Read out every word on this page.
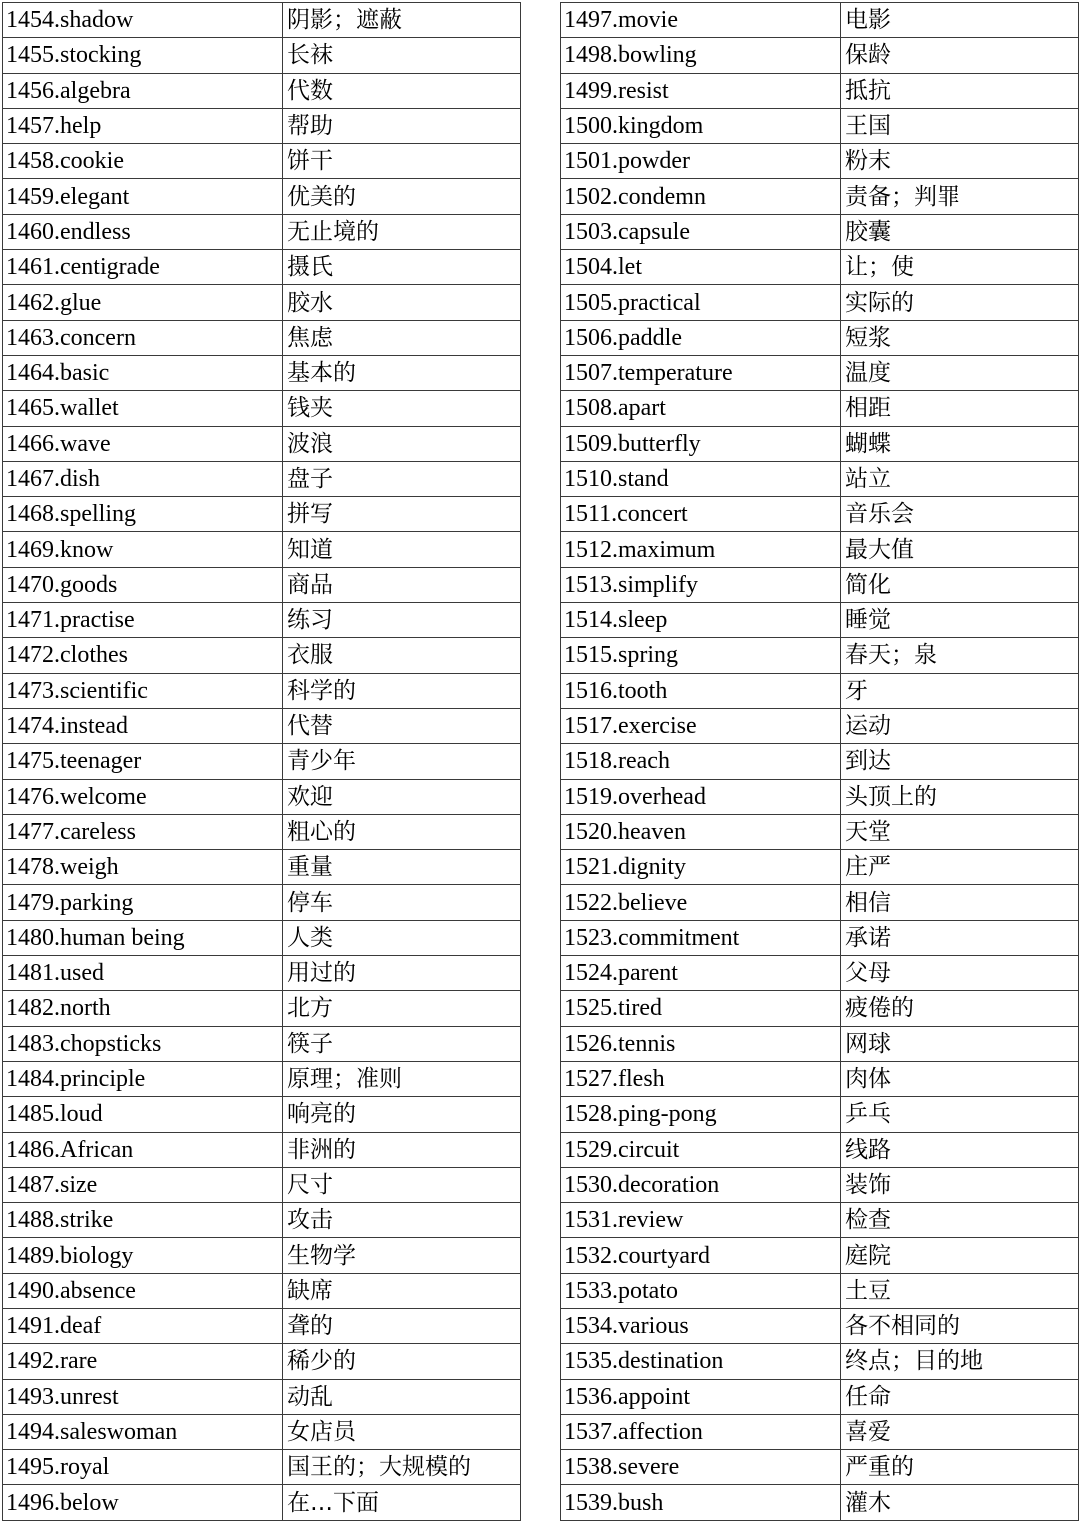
1454.shadow	阴影；遮蔽
1455.stocking	长袜
1456.algebra	代数
1457.help	帮助
1458.cookie	饼干
1459.elegant	优美的
1460.endless	无止境的
1461.centigrade	摄氏
1462.glue	胶水
1463.concern	焦虑
1464.basic	基本的
1465.wallet	钱夹
1466.wave	波浪
1467.dish	盘子
1468.spelling	拼写
1469.know	知道
1470.goods	商品
1471.practise	练习
1472.clothes	衣服
1473.scientific	科学的
1474.instead	代替
1475.teenager	青少年
1476.welcome	欢迎
1477.careless	粗心的
1478.weigh	重量
1479.parking	停车
1480.human being	人类
1481.used	用过的
1482.north	北方
1483.chopsticks	筷子
1484.principle	原理；准则
1485.loud	响亮的
1486.African	非洲的
1487.size	尺寸
1488.strike	攻击
1489.biology	生物学
1490.absence	缺席
1491.deaf	聋的
1492.rare	稀少的
1493.unrest	动乱
1494.saleswoman	女店员
1495.royal	国王的；大规模的
1496.below	在…下面
1497.movie	电影
1498.bowling	保龄
1499.resist	抵抗
1500.kingdom	王国
1501.powder	粉末
1502.condemn	责备；判罪
1503.capsule	胶囊
1504.let	让；使
1505.practical	实际的
1506.paddle	短浆
1507.temperature	温度
1508.apart	相距
1509.butterfly	蝴蝶
1510.stand	站立
1511.concert	音乐会
1512.maximum	最大值
1513.simplify	简化
1514.sleep	睡觉
1515.spring	春天；泉
1516.tooth	牙
1517.exercise	运动
1518.reach	到达
1519.overhead	头顶上的
1520.heaven	天堂
1521.dignity	庄严
1522.believe	相信
1523.commitment	承诺
1524.parent	父母
1525.tired	疲倦的
1526.tennis	网球
1527.flesh	肉体
1528.ping-pong	乒乓
1529.circuit	线路
1530.decoration	装饰
1531.review	检查
1532.courtyard	庭院
1533.potato	土豆
1534.various	各不相同的
1535.destination	终点；目的地
1536.appoint	任命
1537.affection	喜爱
1538.severe	严重的
1539.bush	灌木
